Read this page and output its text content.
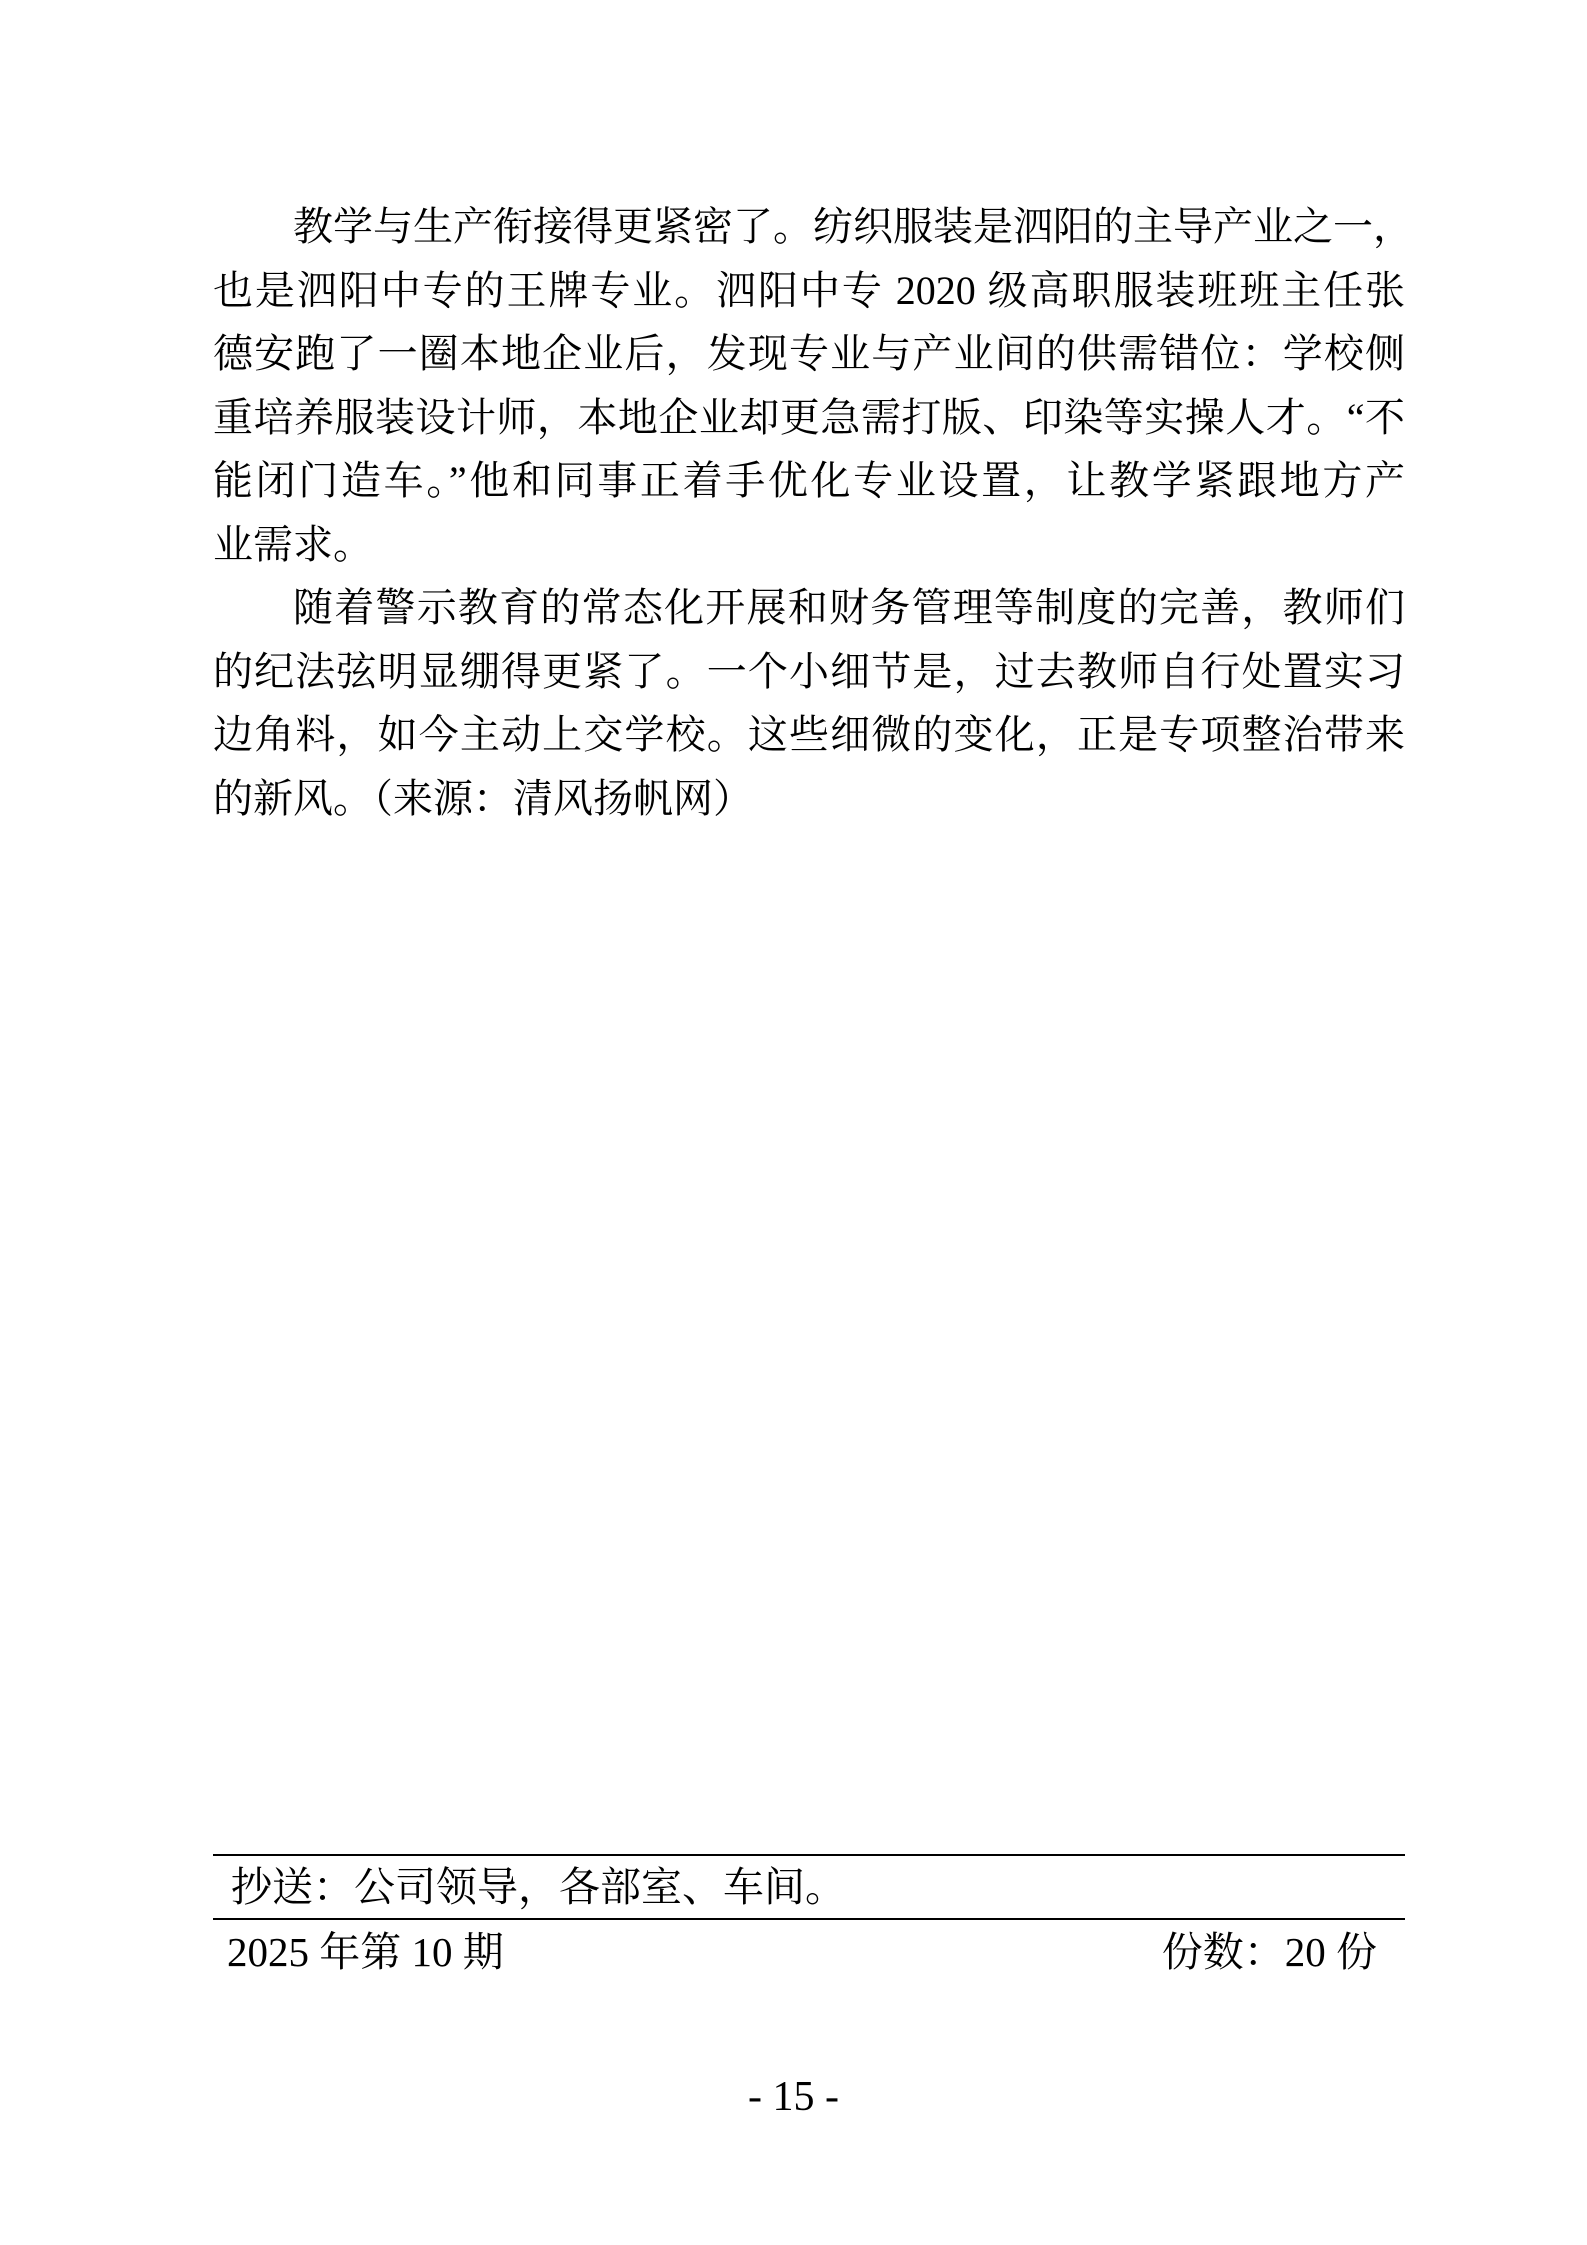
教学与生产衔接得更紧密了。纺织服装是泗阳的主导产业之一，
也是泗阳中专的王牌专业。泗阳中专 2020 级高职服装班班主任张
德安跑了一圈本地企业后，发现专业与产业间的供需错位：学校侧
重培养服装设计师，本地企业却更急需打版、印染等实操人才。“不
能闭门造车。”他和同事正着手优化专业设置，让教学紧跟地方产
业需求。
随着警示教育的常态化开展和财务管理等制度的完善，教师们
的纪法弦明显绷得更紧了。一个小细节是，过去教师自行处置实习
边角料，如今主动上交学校。这些细微的变化，正是专项整治带来
的新风。（来源：清风扬帆网）
抄送：公司领导，各部室、车间。
2025 年第 10 期	份数：20 份
- 15 -
